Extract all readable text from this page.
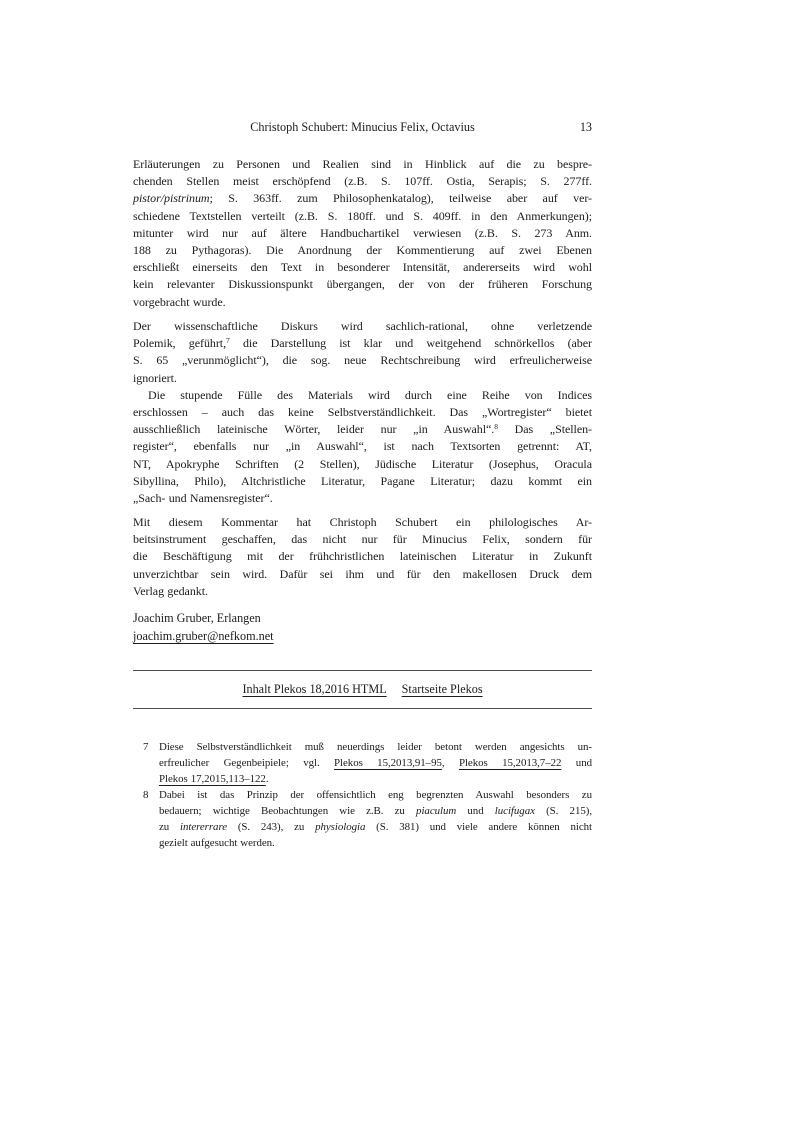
Christoph Schubert: Minucius Felix, Octavius	13
Erläuterungen zu Personen und Realien sind in Hinblick auf die zu bespre-
chenden Stellen meist erschöpfend (z.B. S. 107ff. Ostia, Serapis; S. 277ff.
pistor/pistrinum; S. 363ff. zum Philosophenkatalog), teilweise aber auf ver-
schiedene Textstellen verteilt (z.B. S. 180ff. und S. 409ff. in den Anmerkungen);
mitunter wird nur auf ältere Handbuchartikel verwiesen (z.B. S. 273 Anm.
188 zu Pythagoras). Die Anordnung der Kommentierung auf zwei Ebenen
erschließt einerseits den Text in besonderer Intensität, andererseits wird wohl
kein relevanter Diskussionspunkt übergangen, der von der früheren Forschung
vorgebracht wurde.
Der wissenschaftliche Diskurs wird sachlich-rational, ohne verletzende
Polemik, geführt,$^7$ die Darstellung ist klar und weitgehend schnörkellos (aber
S. 65 „verunmöglicht“), die sog. neue Rechtschreibung wird erfreulicherweise
ignoriert.
Die stupende Fülle des Materials wird durch eine Reihe von Indices
erschlossen – auch das keine Selbstverständlichkeit. Das „Wortregister“ bietet
ausschließlich lateinische Wörter, leider nur „in Auswahl“.$^8$ Das „Stellen-
register“, ebenfalls nur „in Auswahl“, ist nach Textsorten getrennt: AT,
NT, Apokryphe Schriften (2 Stellen), Jüdische Literatur (Josephus, Oracula
Sibyllina, Philo), Altchristliche Literatur, Pagane Literatur; dazu kommt ein
„Sach- und Namensregister“.
Mit diesem Kommentar hat Christoph Schubert ein philologisches Ar-
beitsinstrument geschaffen, das nicht nur für Minucius Felix, sondern für
die Beschäftigung mit der frühchristlichen lateinischen Literatur in Zukunft
unverzichtbar sein wird. Dafür sei ihm und für den makellosen Druck dem
Verlag gedankt.
Joachim Gruber, Erlangen
joachim.gruber@nefkom.net
Inhalt Plekos 18,2016 HTML Startseite Plekos
7 Diese Selbstverständlichkeit muß neuerdings leider betont werden angesichts un-
erfreulicher Gegenbeipiele; vgl. Plekos 15,2013,91–95, Plekos 15,2013,7–22 und
Plekos 17,2015,113–122.
8 Dabei ist das Prinzip der offensichtlich eng begrenzten Auswahl besonders zu
bedauern; wichtige Beobachtungen wie z.B. zu piaculum und lucifugax (S. 215),
zu intererrare (S. 243), zu physiologia (S. 381) und viele andere können nicht
gezielt aufgesucht werden.
